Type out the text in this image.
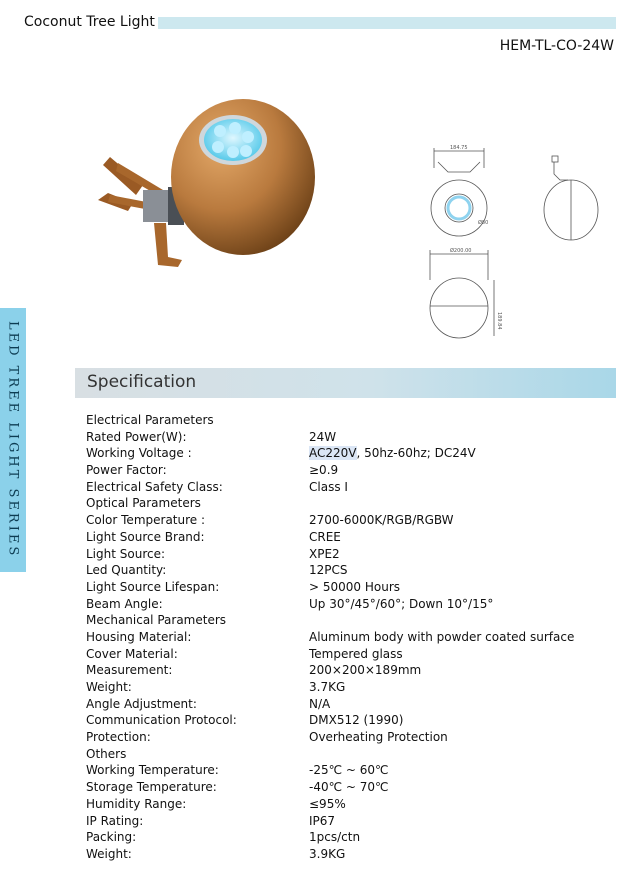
Coconut Tree Light
HEM-TL-CO-24W
LED TREE LIGHT SERIES
184.75
Ø80
Ø200.00
189.84
Specification
Electrical Parameters
Rated Power(W):	24W
Working Voltage :	AC220V, 50hz-60hz; DC24V
Power Factor:	≥0.9
Electrical Safety Class:	Class Ⅰ
Optical Parameters
Color Temperature :	2700-6000K/RGB/RGBW
Light Source Brand:	CREE
Light Source:	XPE2
Led Quantity:	12PCS
Light Source Lifespan:	> 50000 Hours
Beam Angle:	Up 30°/45°/60°; Down 10°/15°
Mechanical Parameters
Housing Material:	Aluminum body with powder coated surface
Cover Material:	Tempered glass
Measurement:	200×200×189mm
Weight:	3.7KG
Angle Adjustment:	N/A
Communication Protocol:	DMX512 (1990)
Protection:	Overheating Protection
Others
Working Temperature:	-25℃ ~ 60℃
Storage Temperature:	-40℃ ~ 70℃
Humidity Range:	≤95%
IP Rating:	IP67
Packing:	1pcs/ctn
Weight:	3.9KG
